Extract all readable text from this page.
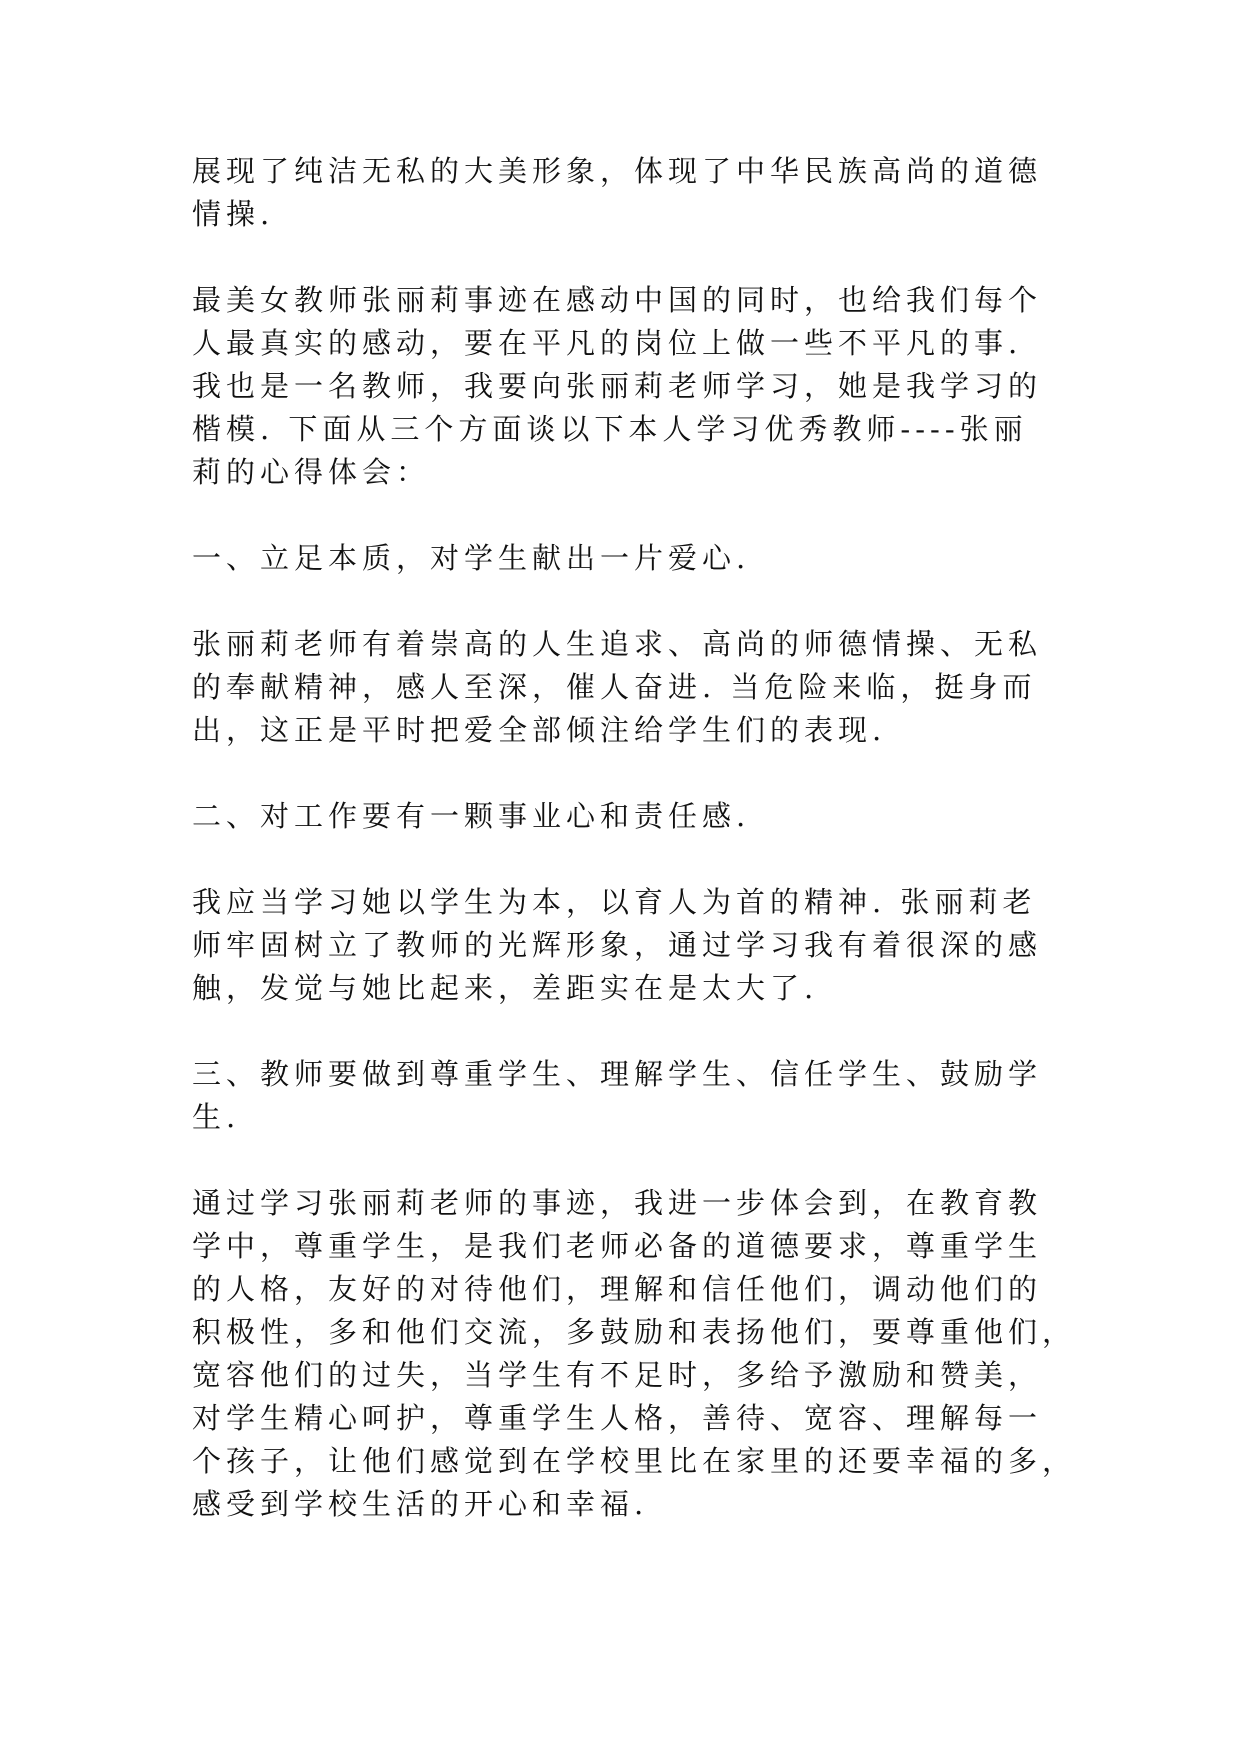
展现了纯洁无私的大美形象，体现了中华民族高尚的道德
情操.

最美女教师张丽莉事迹在感动中国的同时，也给我们每个
人最真实的感动，要在平凡的岗位上做一些不平凡的事.
我也是一名教师，我要向张丽莉老师学习，她是我学习的
楷模. 下面从三个方面谈以下本人学习优秀教师----张丽
莉的心得体会：

一、立足本质，对学生献出一片爱心.

张丽莉老师有着崇高的人生追求、高尚的师德情操、无私
的奉献精神，感人至深，催人奋进. 当危险来临，挺身而
出，这正是平时把爱全部倾注给学生们的表现.

二、对工作要有一颗事业心和责任感.

我应当学习她以学生为本，以育人为首的精神. 张丽莉老
师牢固树立了教师的光辉形象，通过学习我有着很深的感
触，发觉与她比起来，差距实在是太大了.

三、教师要做到尊重学生、理解学生、信任学生、鼓励学
生.

通过学习张丽莉老师的事迹，我进一步体会到，在教育教
学中，尊重学生，是我们老师必备的道德要求，尊重学生
的人格，友好的对待他们，理解和信任他们，调动他们的
积极性，多和他们交流，多鼓励和表扬他们，要尊重他们，
宽容他们的过失，当学生有不足时，多给予激励和赞美，
对学生精心呵护，尊重学生人格，善待、宽容、理解每一
个孩子，让他们感觉到在学校里比在家里的还要幸福的多，
感受到学校生活的开心和幸福.
